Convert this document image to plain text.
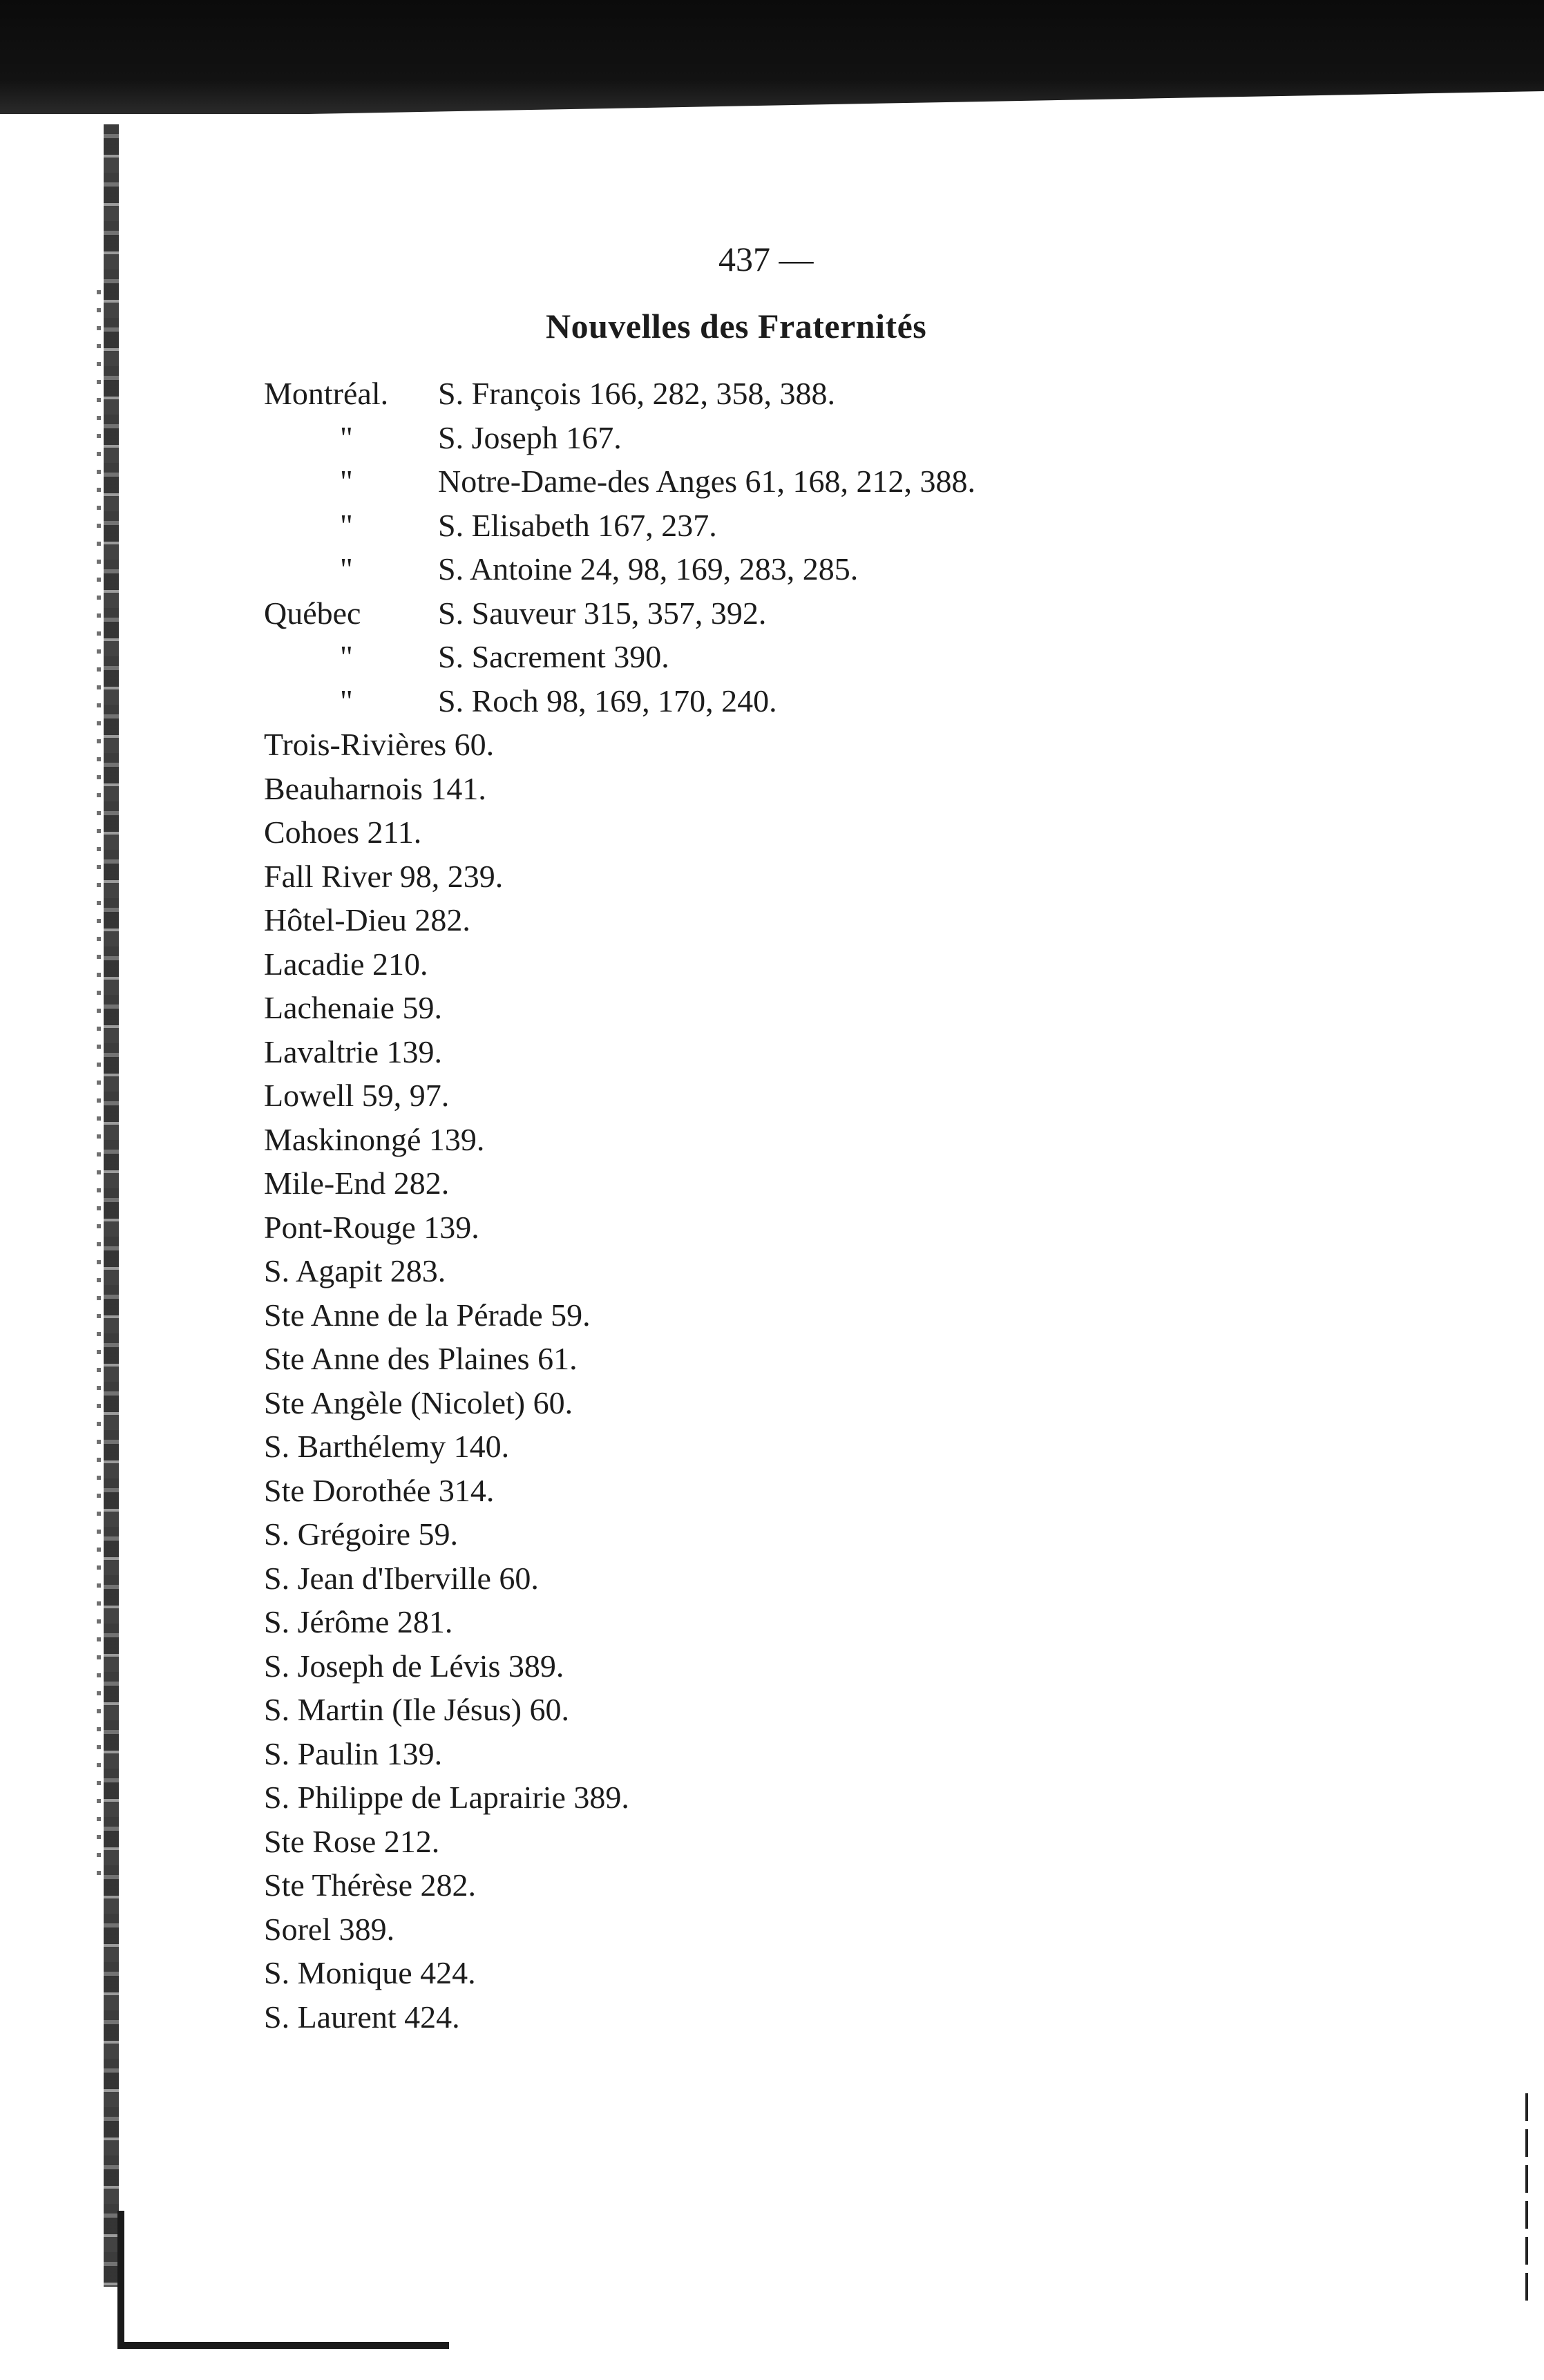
437 —
Nouvelles des Fraternités
Montréal.	S. François 166, 282, 358, 388.
"	S. Joseph 167.
"	Notre-Dame-des Anges 61, 168, 212, 388.
"	S. Elisabeth 167, 237.
"	S. Antoine 24, 98, 169, 283, 285.
Québec	S. Sauveur 315, 357, 392.
"	S. Sacrement 390.
"	S. Roch 98, 169, 170, 240.
Trois-Rivières 60.
Beauharnois 141.
Cohoes 211.
Fall River 98, 239.
Hôtel-Dieu 282.
Lacadie 210.
Lachenaie 59.
Lavaltrie 139.
Lowell 59, 97.
Maskinongé 139.
Mile-End 282.
Pont-Rouge 139.
S. Agapit 283.
Ste Anne de la Pérade 59.
Ste Anne des Plaines 61.
Ste Angèle (Nicolet) 60.
S. Barthélemy 140.
Ste Dorothée 314.
S. Grégoire 59.
S. Jean d'Iberville 60.
S. Jérôme 281.
S. Joseph de Lévis 389.
S. Martin (Ile Jésus) 60.
S. Paulin 139.
S. Philippe de Laprairie 389.
Ste Rose 212.
Ste Thérèse 282.
Sorel 389.
S. Monique 424.
S. Laurent 424.
